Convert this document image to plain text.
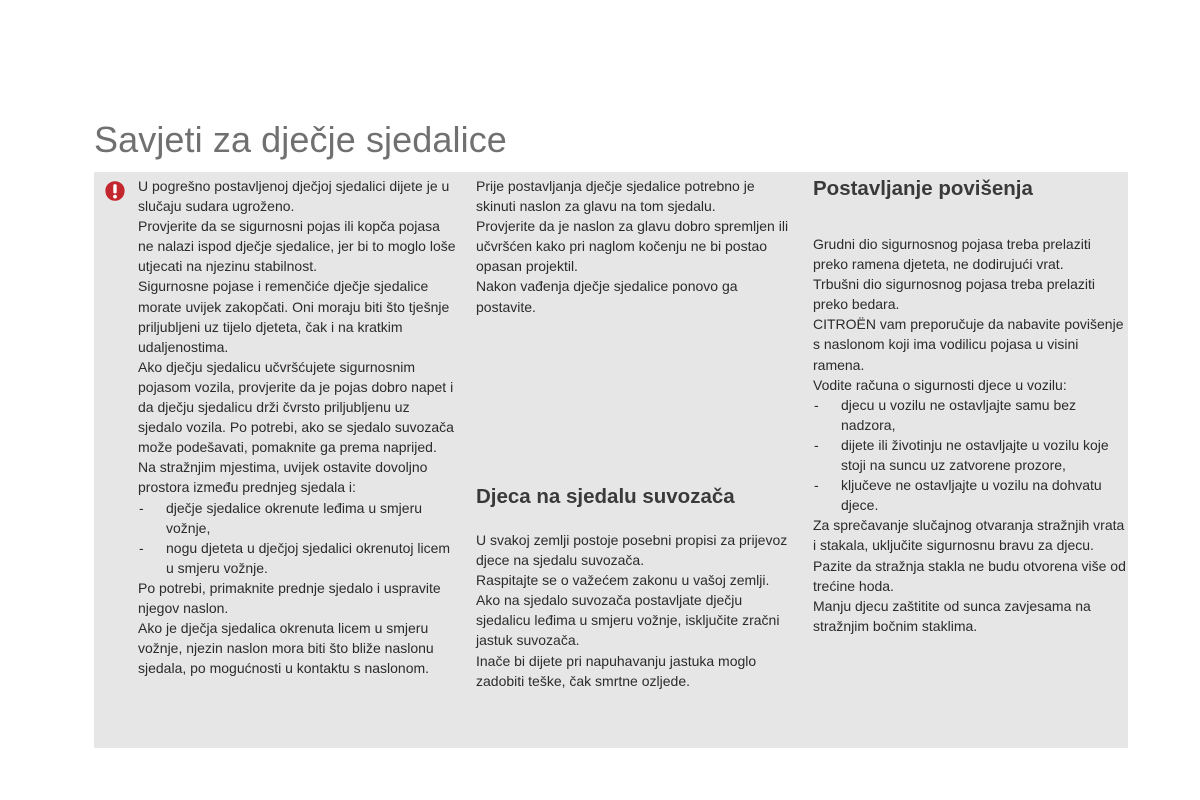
Savjeti za dječje sjedalice

U pogrešno postavljenoj dječjoj sjedalici dijete je u slučaju sudara ugroženo.

Provjerite da se sigurnosni pojas ili kopča pojasa ne nalazi ispod dječje sjedalice, jer bi to moglo loše utjecati na njezinu stabilnost.

Sigurnosne pojase i remenčiće dječje sjedalice morate uvijek zakopčati. Oni moraju biti što tješnje priljubljeni uz tijelo djeteta, čak i na kratkim udaljenostima.

Ako dječju sjedalicu učvršćujete sigurnosnim pojasom vozila, provjerite da je pojas dobro napet i da dječju sjedalicu drži čvrsto priljubljenu uz sjedalo vozila. Po potrebi, ako se sjedalo suvozača može podešavati, pomaknite ga prema naprijed.

Na stražnjim mjestima, uvijek ostavite dovoljno prostora između prednjeg sjedala i:

- dječje sjedalice okrenute leđima u smjeru vožnje,
- nogu djeteta u dječjoj sjedalici okrenutoj licem u smjeru vožnje.

Po potrebi, primaknite prednje sjedalo i uspravite njegov naslon.

Ako je dječja sjedalica okrenuta licem u smjeru vožnje, njezin naslon mora biti što bliže naslonu sjedala, po mogućnosti u kontaktu s naslonom.

Prije postavljanja dječje sjedalice potrebno je skinuti naslon za glavu na tom sjedalu.

Provjerite da je naslon za glavu dobro spremljen ili učvršćen kako pri naglom kočenju ne bi postao opasan projektil.

Nakon vađenja dječje sjedalice ponovo ga postavite.

Djeca na sjedalu suvozača

U svakoj zemlji postoje posebni propisi za prijevoz djece na sjedalu suvozača.

Raspitajte se o važećem zakonu u vašoj zemlji.

Ako na sjedalo suvozača postavljate dječju sjedalicu leđima u smjeru vožnje, isključite zračni jastuk suvozača.

Inače bi dijete pri napuhavanju jastuka moglo zadobiti teške, čak smrtne ozljede.

Postavljanje povišenja

Grudni dio sigurnosnog pojasa treba prelaziti preko ramena djeteta, ne dodirujući vrat.

Trbušni dio sigurnosnog pojasa treba prelaziti preko bedara.

CITROËN vam preporučuje da nabavite povišenje s naslonom koji ima vodilicu pojasa u visini ramena.

Vodite računa o sigurnosti djece u vozilu:

- djecu u vozilu ne ostavljajte samu bez nadzora,
- dijete ili životinju ne ostavljajte u vozilu koje stoji na suncu uz zatvorene prozore,
- ključeve ne ostavljajte u vozilu na dohvatu djece.

Za sprečavanje slučajnog otvaranja stražnjih vrata i stakala, uključite sigurnosnu bravu za djecu.

Pazite da stražnja stakla ne budu otvorena više od trećine hoda.

Manju djecu zaštitite od sunca zavjesama na stražnjim bočnim staklima.
